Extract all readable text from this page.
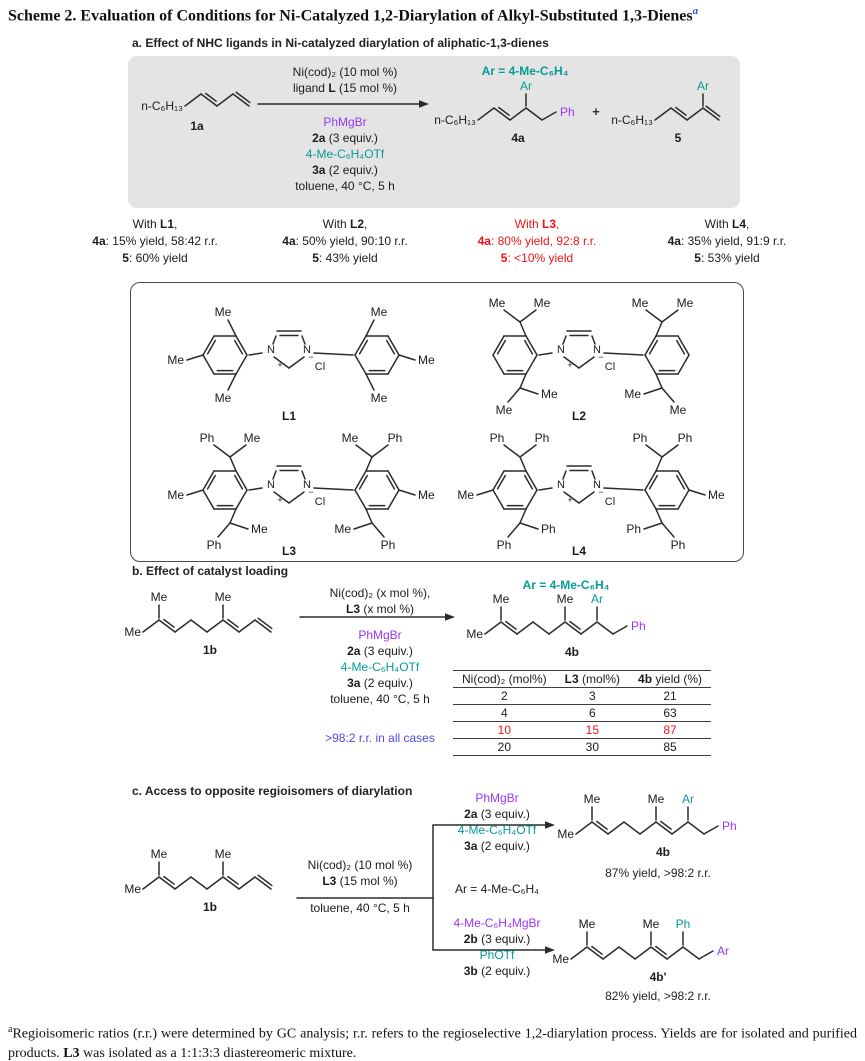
Scheme 2. Evaluation of Conditions for Ni-Catalyzed 1,2-Diarylation of Alkyl-Substituted 1,3-Dienes$^a$
a. Effect of NHC ligands in Ni-catalyzed diarylation of aliphatic-1,3-dienes
n-C₆H₁₃
1a
Ni(cod)₂ (10 mol %)
ligand L (15 mol %)
PhMgBr
2a (3 equiv.)
4-Me-C₆H₄OTf
3a (2 equiv.)
toluene, 40 °C, 5 h
Ar = 4-Me-C₆H₄
n-C₆H₁₃
Ar
Ph
4a
+
n-C₆H₁₃
Ar
5
With L1,
4a: 15% yield, 58:42 r.r.
5: 60% yield
With L2,
4a: 50% yield, 90:10 r.r.
5: 43% yield
With L3,
4a: 80% yield, 92:8 r.r.
5: <10% yield
With L4,
4a: 35% yield, 91:9 r.r.
5: 53% yield
N	N
+
−
Cl
Me	Me
Me	Me
Me	Me
L1
N	N
+
−
Cl
Me Me	Me
Me
Me
Me
Me
Me
L2
N	N
+
−
Cl
Ph Me	Ph
Me
Ph
Me
Ph
Me
Me	Me
L3
N	N
+
−
Cl
Ph	Ph	Ph
Ph
Ph
Ph
Ph
Ph
Me	Me
L4
b. Effect of catalyst loading
Me
Me	Me
1b
Ni(cod)₂ (x mol %),
L3 (x mol %)
PhMgBr
2a (3 equiv.)
4-Me-C₆H₄OTf
3a (2 equiv.)
toluene, 40 °C, 5 h
>98:2 r.r. in all cases
Ar = 4-Me-C₆H₄
Me
Me	Me Ar
Ph
4b
Ni(cod)₂ (mol%)	L3 (mol%)	4b yield (%)
2	3	21
4	6	63
10	15	87
20	30	85
c. Access to opposite regioisomers of diarylation
Me
Me	Me
1b
Ni(cod)₂ (10 mol %)
L3 (15 mol %)
toluene, 40 °C, 5 h
PhMgBr
2a (3 equiv.)
4-Me-C₆H₄OTf
3a (2 equiv.)
Ar = 4-Me-C₆H₄
4-Me-C₆H₄MgBr
2b (3 equiv.)
PhOTf
3b (2 equiv.)
Me
Me	Me Ar
Ph
4b
87% yield, >98:2 r.r.
Me
Me	Me Ph
Ar
4b'
82% yield, >98:2 r.r.

$^a$Regioisomeric ratios (r.r.) were determined by GC analysis; r.r. refers to the regioselective 1,2-diarylation process. Yields are for isolated and purified products. L3 was isolated as a 1:1:3:3 diastereomeric mixture.
